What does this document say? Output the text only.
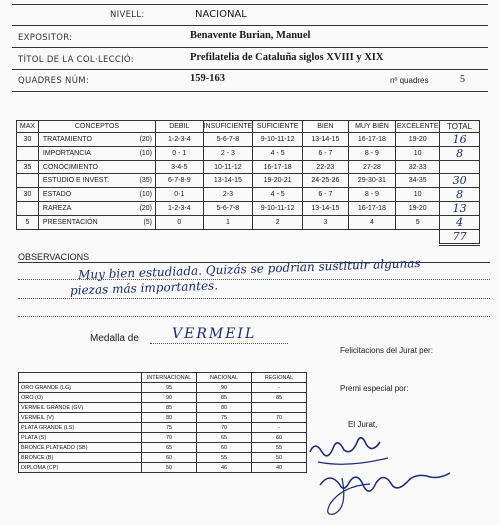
NIVELL:	NACIONAL
EXPOSITOR:	Benavente Burian, Manuel
TÍTOL DE LA COL·LECCIÓ:	Prefilatelia de Cataluña siglos XVIII y XIX
QUADRES NÚM:	159-163	nº quadres	5
MAX	CONCEPTOS	DEBIL	INSUFICIENTE	SUFICIENTE	BIEN	MUY BIEN	EXCELENTE	TOTAL
30	TRATAMIENTO (20)	1-2-3-4	5-6-7-8	9-10-11-12	13-14-15	16-17-18	19-20	16
	IMPORTANCIA (10)	0 - 1	2 - 3	4 - 5	6 - 7	8 - 9	10	8
35	CONOCIMIENTO	3-4-5	10-11-12	16-17-18	22-23	27-28	32-33	
	ESTUDIO E INVEST. (35)	6-7-8-9	13-14-15	19-20-21	24-25-26	29-30-31	34-35	30
30	ESTADO (10)	0-1	2-3	4 - 5	6 - 7	8 - 9	10	8
	RAREZA (20)	1-2-3-4	5-6-7-8	9-10-11-12	13-14-15	16-17-18	19-20	13
5	PRESENTACIÓN (5)	0	1	2	3	4	5	4
								77
OBSERVACIONS
Muy bien estudiada. Quizás se podrían sustituir algunas
piezas más importantes.
Medalla de VERMEIL
Felicitacions del Jurat per:
Premi especial por:
El Jurat,
	INTERNACIONAL	NACIONAL	REGIONAL
ORO GRANDE (LG)	95	90	-
ORO (O)	90	85	85
VERMEIL GRANDE (GV)	85	80	
VERMEIL (V)	80	75	70
PLATA GRANDE (LS)	75	70	-
PLATA (S)	70	65	60
BRONCE PLATEADO (SB)	65	60	55
BRONCE (B)	60	55	50
DIPLOMA (CP)	50	46	40
